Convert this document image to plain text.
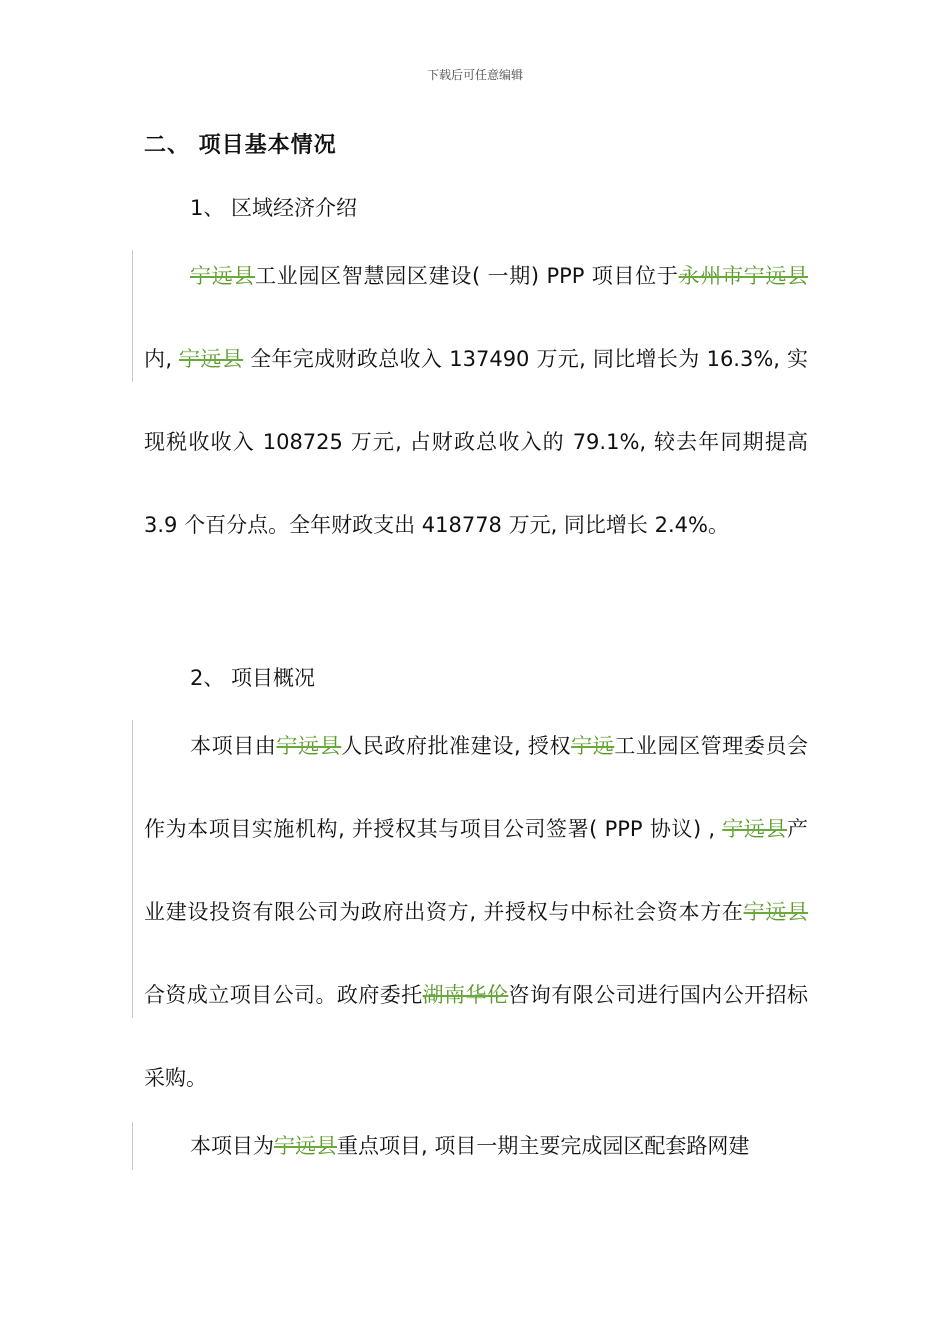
下载后可任意编辑
二、 项目基本情况
1、 区域经济介绍
宁远县工业园区智慧园区建设( 一期) PPP 项目位于永州市宁远县内, 宁远县 全年完成财政总收入 137490 万元, 同比增长为 16.3%, 实现税收收入 108725 万元, 占财政总收入的 79.1%, 较去年同期提高 3.9 个百分点。全年财政支出 418778 万元, 同比增长 2.4%。
2、 项目概况
本项目由宁远县人民政府批准建设, 授权宁远工业园区管理委员会作为本项目实施机构, 并授权其与项目公司签署( PPP 协议) , 宁远县产业建设投资有限公司为政府出资方, 并授权与中标社会资本方在宁远县合资成立项目公司。政府委托湖南华伦咨询有限公司进行国内公开招标采购。
本项目为宁远县重点项目, 项目一期主要完成园区配套路网建
